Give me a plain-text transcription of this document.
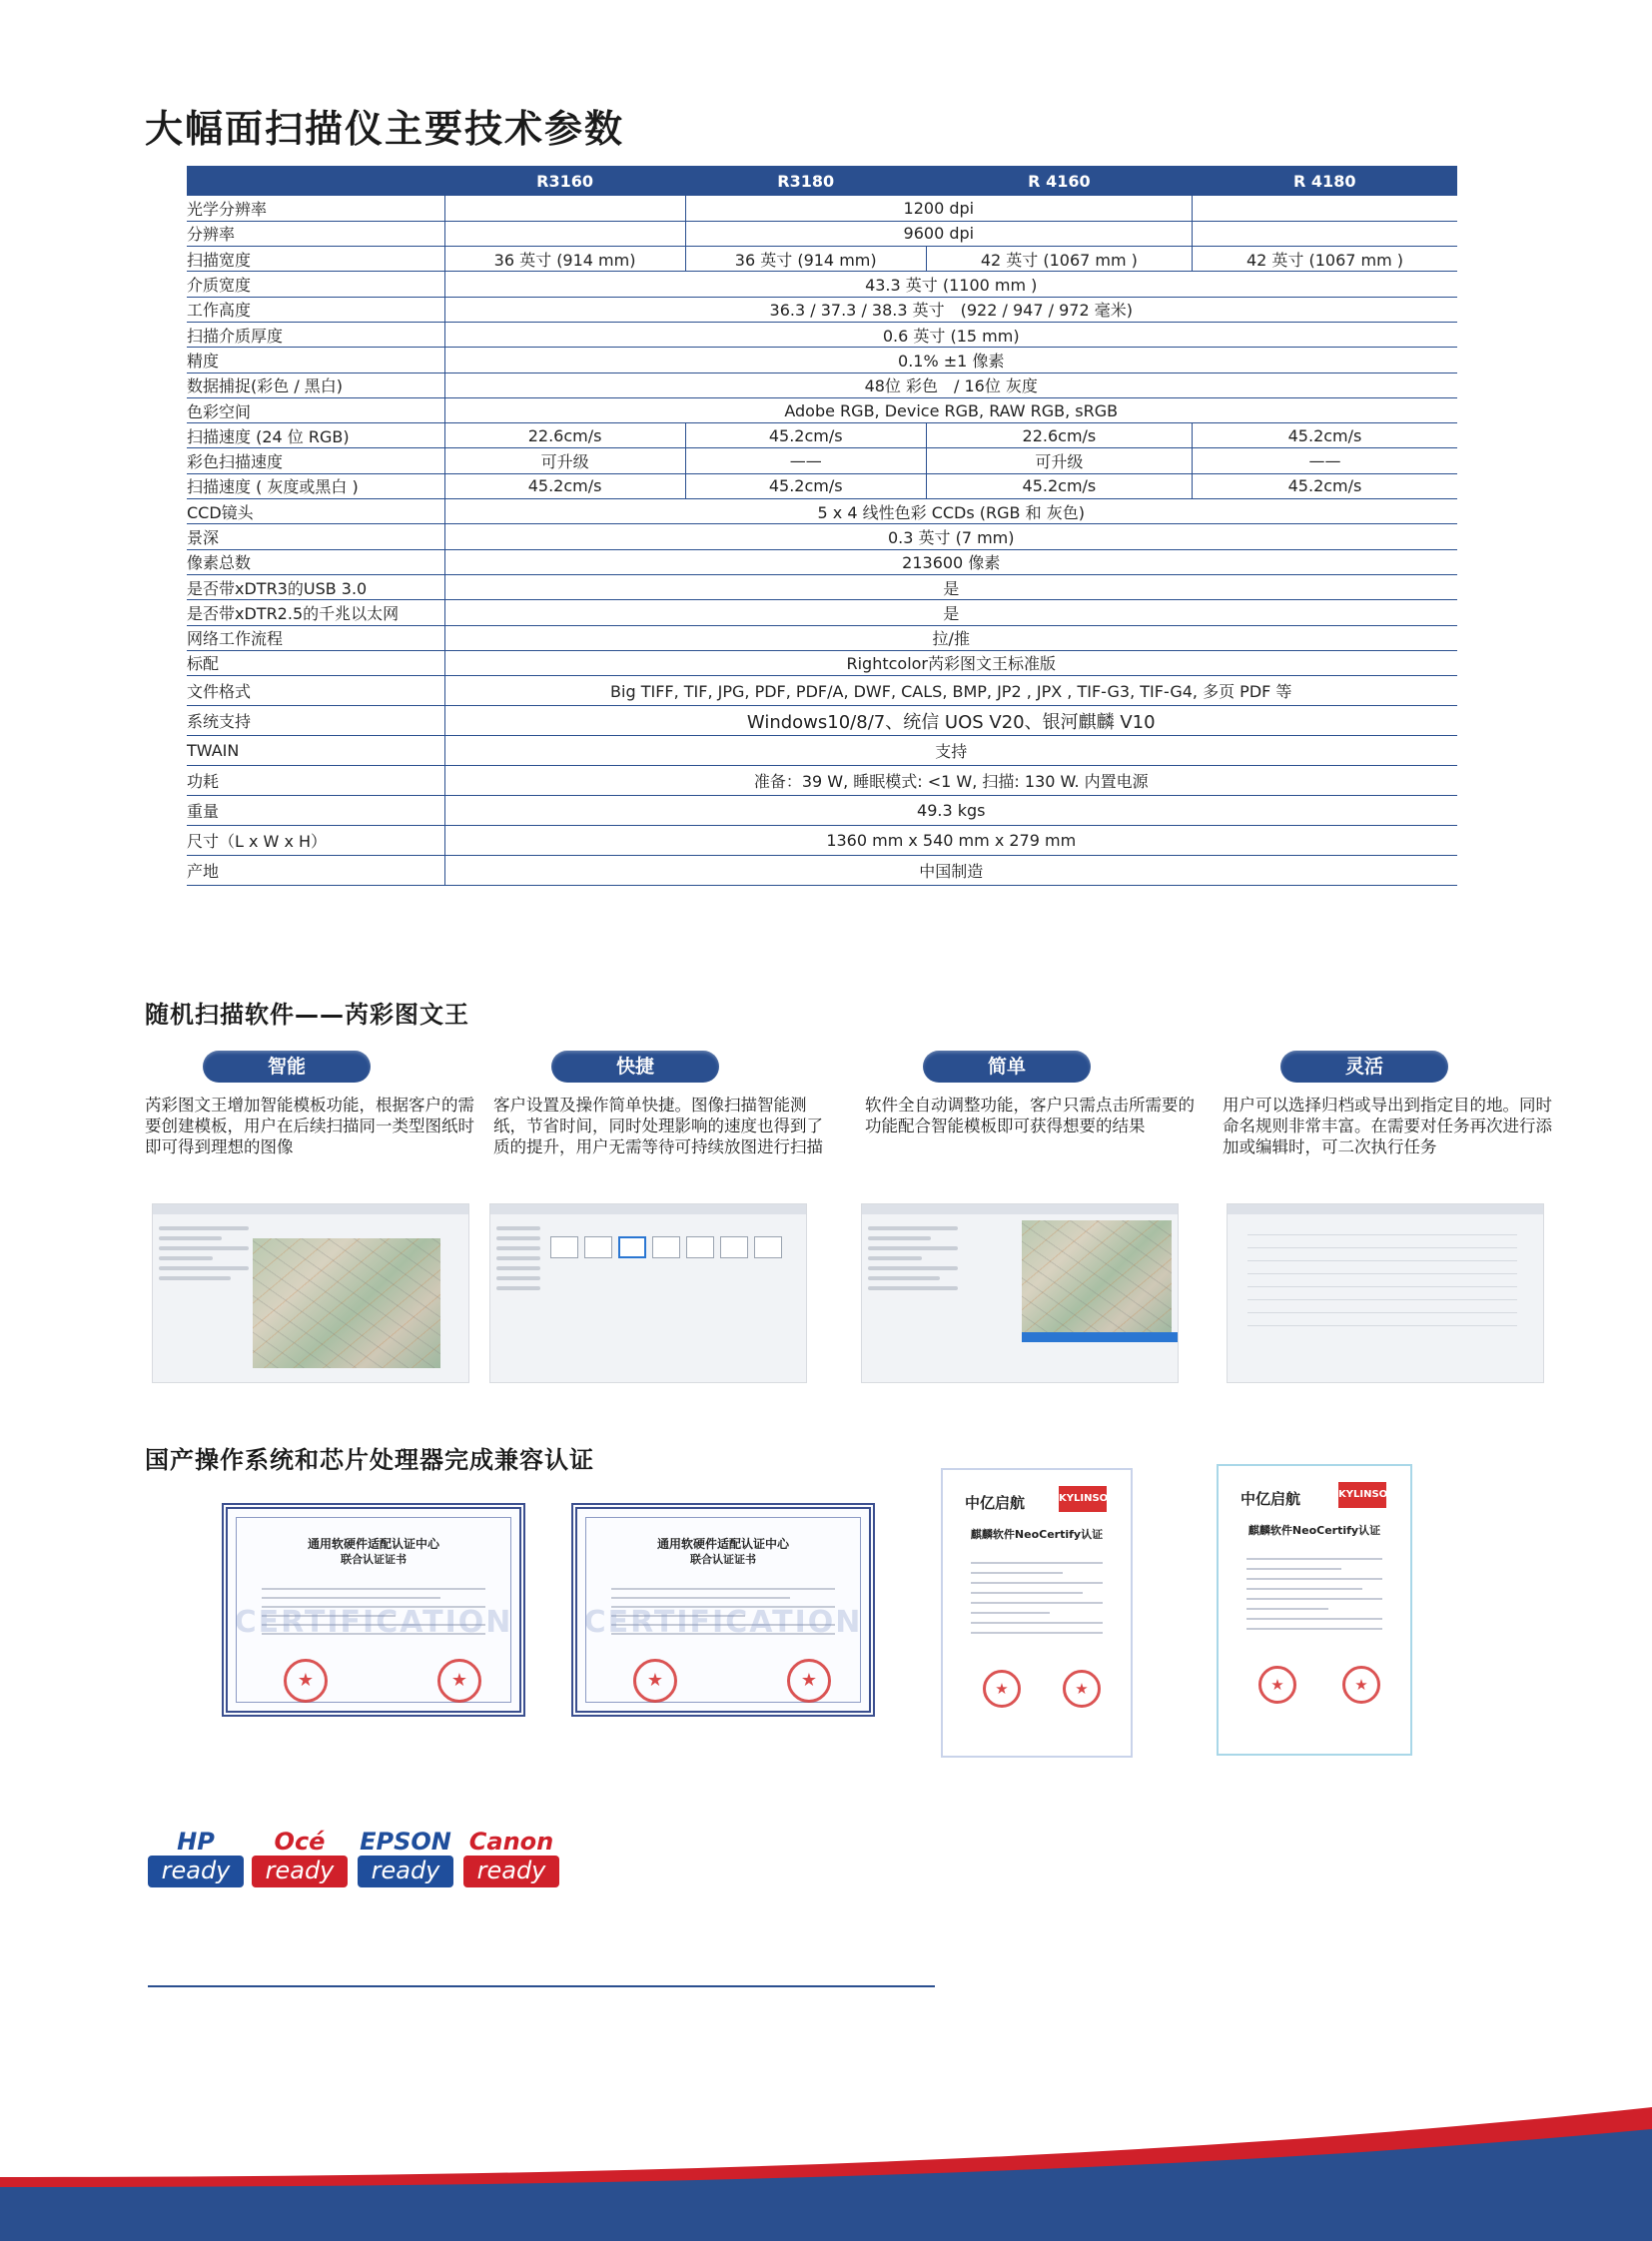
大幅面扫描仪主要技术参数
	R3160	R3180	R 4160	R 4180
光学分辨率		1200 dpi		
分辨率		9600 dpi		
扫描宽度	36 英寸 (914 mm)	36 英寸 (914 mm)	42 英寸 (1067 mm )	42 英寸 (1067 mm )
介质宽度	43.3 英寸 (1100 mm )			
工作高度	36.3 / 37.3 / 38.3 英寸　(922 / 947 / 972 毫米)			
扫描介质厚度	0.6 英寸 (15 mm)			
精度	0.1% ±1 像素			
数据捕捉(彩色 / 黑白)	48位 彩色　/ 16位 灰度			
色彩空间	Adobe RGB, Device RGB, RAW RGB, sRGB			
扫描速度 (24 位 RGB)	22.6cm/s	45.2cm/s	22.6cm/s	45.2cm/s
彩色扫描速度	可升级	——	可升级	——
扫描速度 ( 灰度或黑白 )	45.2cm/s	45.2cm/s	45.2cm/s	45.2cm/s
CCD镜头	5 x 4 线性色彩 CCDs (RGB 和 灰色)			
景深	0.3 英寸 (7 mm)			
像素总数	213600 像素			
是否带xDTR3的USB 3.0	是			
是否带xDTR2.5的千兆以太网	是			
网络工作流程	拉/推			
标配	Rightcolor芮彩图文王标准版			
文件格式	Big TIFF, TIF, JPG, PDF, PDF/A, DWF, CALS, BMP, JP2 , JPX , TIF-G3, TIF-G4, 多页 PDF 等			
系统支持	Windows10/8/7、统信 UOS V20、银河麒麟 V10			
TWAIN	支持			
功耗	准备：39 W, 睡眠模式: <1 W, 扫描: 130 W. 内置电源			
重量	49.3 kgs			
尺寸（L x W x H）	1360 mm x 540 mm x 279 mm			
产地	中国制造			
随机扫描软件——芮彩图文王
智能
芮彩图文王增加智能模板功能，根据客户的需要创建模板，用户在后续扫描同一类型图纸时即可得到理想的图像
快捷
客户设置及操作简单快捷。图像扫描智能测纸，节省时间，同时处理影响的速度也得到了质的提升，用户无需等待可持续放图进行扫描
简单
软件全自动调整功能，客户只需点击所需要的功能配合智能模板即可获得想要的结果
灵活
用户可以选择归档或导出到指定目的地。同时命名规则非常丰富。在需要对任务再次进行添加或编辑时，可二次执行任务
国产操作系统和芯片处理器完成兼容认证
通用软硬件适配认证中心
联合认证证书
CERTIFICATION
★	★
通用软硬件适配认证中心
联合认证证书
CERTIFICATION
★	★
中亿启航	KYLINSOFT
麒麟软件NeoCertify认证
★	★
中亿启航	KYLINSOFT
麒麟软件NeoCertify认证
★	★
HP
ready
Océ
ready
EPSON
ready
Canon
ready
